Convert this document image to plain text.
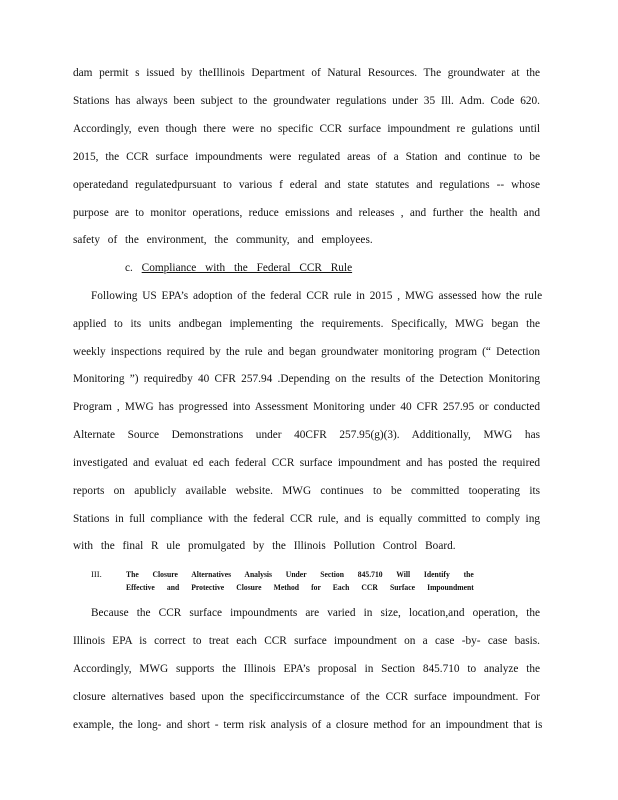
dam permit s issued by theIllinois Department of Natural Resources. The groundwater at the
Stations has always been subject to the groundwater regulations under 35 Ill. Adm. Code 620.
Accordingly, even though there were no specific CCR surface impoundment re gulations until
2015, the CCR surface impoundments were regulated areas of a Station and continue to be
operatedand regulatedpursuant to various f ederal and state statutes and regulations -- whose
purpose are to monitor operations, reduce emissions and releases , and further the health and
safety of the environment, the community, and employees.
c. Compliance with the Federal CCR Rule
Following US EPA’s adoption of the federal CCR rule in 2015 , MWG assessed how the rule
applied to its units andbegan implementing the requirements. Specifically, MWG began the
weekly inspections required by the rule and began groundwater monitoring program (“ Detection
Monitoring ”) requiredby 40 CFR 257.94 .Depending on the results of the Detection Monitoring
Program , MWG has progressed into Assessment Monitoring under 40 CFR 257.95 or conducted
Alternate Source Demonstrations under 40CFR 257.95(g)(3). Additionally, MWG has
investigated and evaluat ed each federal CCR surface impoundment and has posted the required
reports on apublicly available website. MWG continues to be committed tooperating its
Stations in full compliance with the federal CCR rule, and is equally committed to comply ing
with the final R ule promulgated by the Illinois Pollution Control Board.
III.	The Closure Alternatives Analysis Under Section 845.710 Will Identify the
Effective and Protective Closure Method for Each CCR Surface Impoundment
Because the CCR surface impoundments are varied in size, location,and operation, the
Illinois EPA is correct to treat each CCR surface impoundment on a case -by- case basis.
Accordingly, MWG supports the Illinois EPA’s proposal in Section 845.710 to analyze the
closure alternatives based upon the specificcircumstance of the CCR surface impoundment. For
example, the long- and short - term risk analysis of a closure method for an impoundment that is
